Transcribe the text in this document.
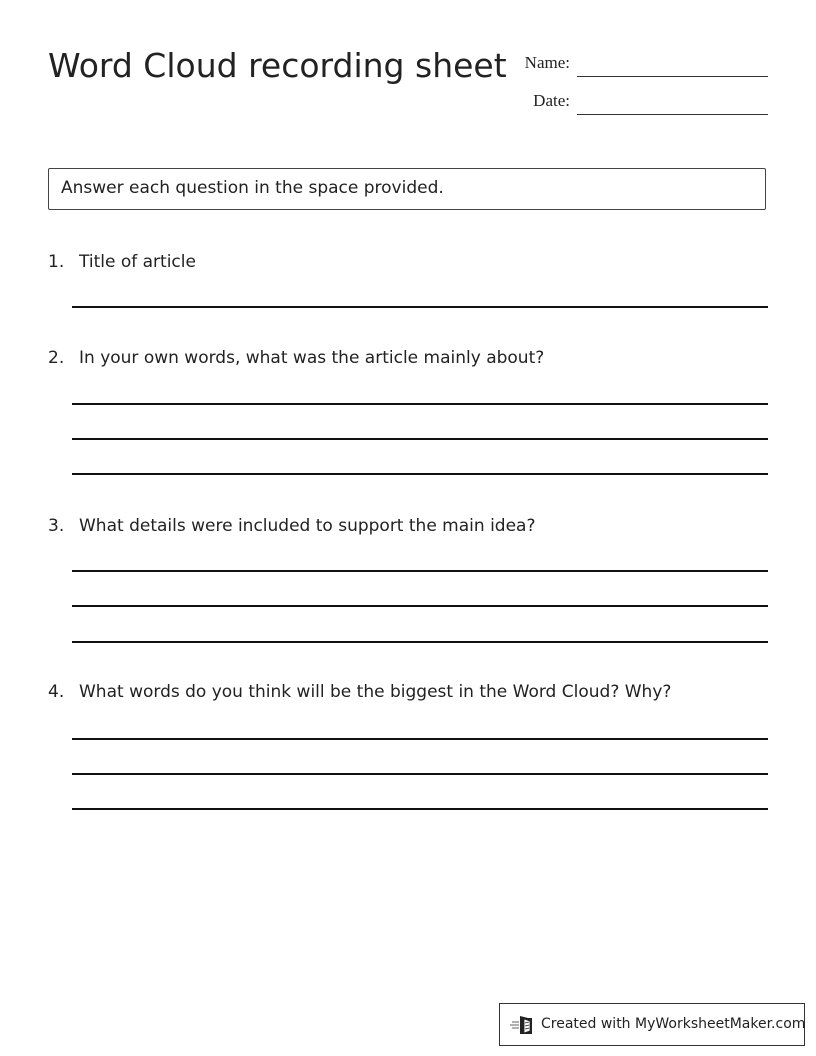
Word Cloud recording sheet	Name:
Date:
Answer each question in the space provided.
1. Title of article
2. In your own words, what was the article mainly about?
3. What details were included to support the main idea?
4. What words do you think will be the biggest in the Word Cloud? Why?
Created with MyWorksheetMaker.com
